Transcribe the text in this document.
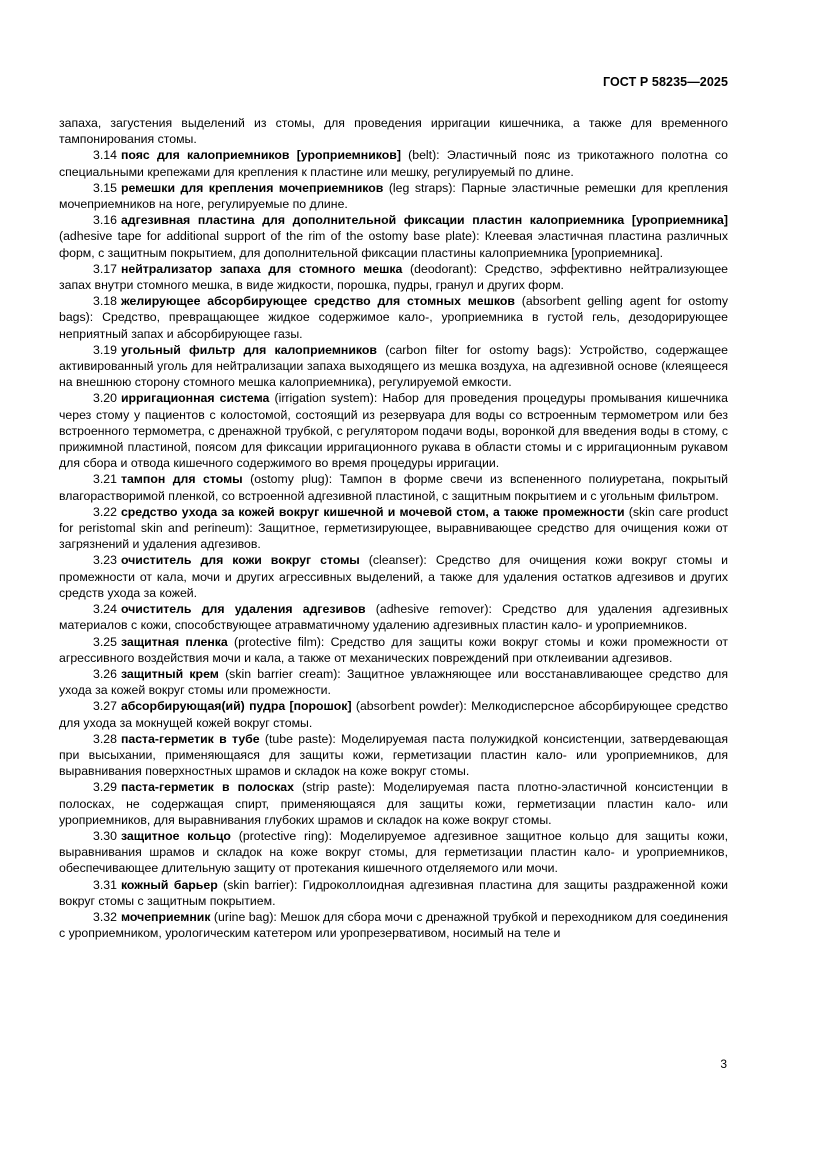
ГОСТ Р 58235—2025

запаха, загустения выделений из стомы, для проведения ирригации кишечника, а также для временного тампонирования стомы.

3.14 пояс для калоприемников [уроприемников] (belt): Эластичный пояс из трикотажного полотна со специальными крепежами для крепления к пластине или мешку, регулируемый по длине.

3.15 ремешки для крепления мочеприемников (leg straps): Парные эластичные ремешки для крепления мочеприемников на ноге, регулируемые по длине.

3.16 адгезивная пластина для дополнительной фиксации пластин калоприемника [уроприемника] (adhesive tape for additional support of the rim of the ostomy base plate): Клеевая эластичная пластина различных форм, с защитным покрытием, для дополнительной фиксации пластины калоприемника [уроприемника].

3.17 нейтрализатор запаха для стомного мешка (deodorant): Средство, эффективно нейтрализующее запах внутри стомного мешка, в виде жидкости, порошка, пудры, гранул и других форм.

3.18 желирующее абсорбирующее средство для стомных мешков (absorbent gelling agent for ostomy bags): Средство, превращающее жидкое содержимое кало-, уроприемника в густой гель, дезодорирующее неприятный запах и абсорбирующее газы.

3.19 угольный фильтр для калоприемников (carbon filter for ostomy bags): Устройство, содержащее активированный уголь для нейтрализации запаха выходящего из мешка воздуха, на адгезивной основе (клеящееся на внешнюю сторону стомного мешка калоприемника), регулируемой емкости.

3.20 ирригационная система (irrigation system): Набор для проведения процедуры промывания кишечника через стому у пациентов с колостомой, состоящий из резервуара для воды со встроенным термометром или без встроенного термометра, с дренажной трубкой, с регулятором подачи воды, воронкой для введения воды в стому, с прижимной пластиной, поясом для фиксации ирригационного рукава в области стомы и с ирригационным рукавом для сбора и отвода кишечного содержимого во время процедуры ирригации.

3.21 тампон для стомы (ostomy plug): Тампон в форме свечи из вспененного полиуретана, покрытый влагорастворимой пленкой, со встроенной адгезивной пластиной, с защитным покрытием и с угольным фильтром.

3.22 средство ухода за кожей вокруг кишечной и мочевой стом, а также промежности (skin care product for peristomal skin and perineum): Защитное, герметизирующее, выравнивающее средство для очищения кожи от загрязнений и удаления адгезивов.

3.23 очиститель для кожи вокруг стомы (cleanser): Средство для очищения кожи вокруг стомы и промежности от кала, мочи и других агрессивных выделений, а также для удаления остатков адгезивов и других средств ухода за кожей.

3.24 очиститель для удаления адгезивов (adhesive remover): Средство для удаления адгезивных материалов с кожи, способствующее атравматичному удалению адгезивных пластин кало- и уроприемников.

3.25 защитная пленка (protective film): Средство для защиты кожи вокруг стомы и кожи промежности от агрессивного воздействия мочи и кала, а также от механических повреждений при отклеивании адгезивов.

3.26 защитный крем (skin barrier cream): Защитное увлажняющее или восстанавливающее средство для ухода за кожей вокруг стомы или промежности.

3.27 абсорбирующая(ий) пудра [порошок] (absorbent powder): Мелкодисперсное абсорбирующее средство для ухода за мокнущей кожей вокруг стомы.

3.28 паста-герметик в тубе (tube paste): Моделируемая паста полужидкой консистенции, затвердевающая при высыхании, применяющаяся для защиты кожи, герметизации пластин кало- или уроприемников, для выравнивания поверхностных шрамов и складок на коже вокруг стомы.

3.29 паста-герметик в полосках (strip paste): Моделируемая паста плотно-эластичной консистенции в полосках, не содержащая спирт, применяющаяся для защиты кожи, герметизации пластин кало- или уроприемников, для выравнивания глубоких шрамов и складок на коже вокруг стомы.

3.30 защитное кольцо (protective ring): Моделируемое адгезивное защитное кольцо для защиты кожи, выравнивания шрамов и складок на коже вокруг стомы, для герметизации пластин кало- и уроприемников, обеспечивающее длительную защиту от протекания кишечного отделяемого или мочи.

3.31 кожный барьер (skin barrier): Гидроколлоидная адгезивная пластина для защиты раздраженной кожи вокруг стомы с защитным покрытием.

3.32 мочеприемник (urine bag): Мешок для сбора мочи с дренажной трубкой и переходником для соединения с уроприемником, урологическим катетером или уропрезервативом, носимый на теле и

3
